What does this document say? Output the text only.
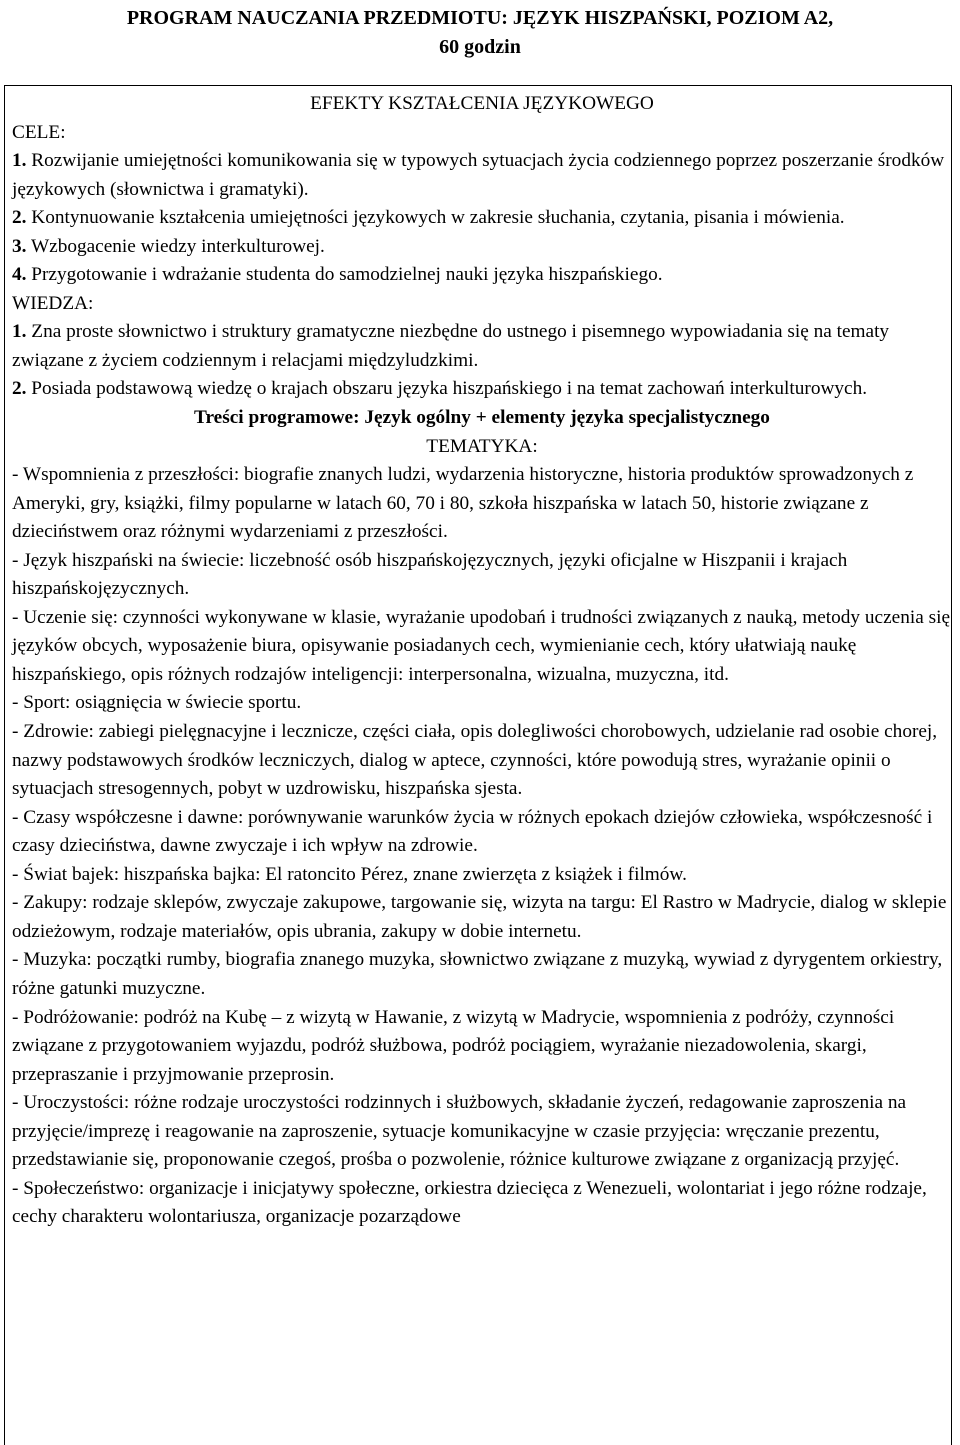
PROGRAM NAUCZANIA PRZEDMIOTU: JĘZYK HISZPAŃSKI, POZIOM A2,
60 godzin

EFEKTY KSZTAŁCENIA JĘZYKOWEGO

CELE:

1. Rozwijanie umiejętności komunikowania się w typowych sytuacjach życia codziennego poprzez poszerzanie środków językowych (słownictwa i gramatyki).

2. Kontynuowanie kształcenia umiejętności językowych w zakresie słuchania, czytania, pisania i mówienia.

3. Wzbogacenie wiedzy interkulturowej.

4. Przygotowanie i wdrażanie studenta do samodzielnej nauki języka hiszpańskiego.

WIEDZA:

1. Zna proste słownictwo i struktury gramatyczne niezbędne do ustnego i pisemnego wypowiadania się na tematy związane z życiem codziennym i relacjami międzyludzkimi.

2. Posiada podstawową wiedzę o krajach obszaru języka hiszpańskiego i na temat zachowań interkulturowych.

Treści programowe: Język ogólny + elementy języka specjalistycznego

TEMATYKA:

- Wspomnienia z przeszłości: biografie znanych ludzi, wydarzenia historyczne, historia produktów sprowadzonych z Ameryki, gry, książki, filmy popularne w latach 60, 70 i 80, szkoła hiszpańska w latach 50, historie związane z dzieciństwem oraz różnymi wydarzeniami z przeszłości.

- Język hiszpański na świecie: liczebność osób hiszpańskojęzycznych, języki oficjalne w Hiszpanii i krajach hiszpańskojęzycznych.

- Uczenie się: czynności wykonywane w klasie, wyrażanie upodobań i trudności związanych z nauką, metody uczenia się języków obcych, wyposażenie biura, opisywanie posiadanych cech, wymienianie cech, który ułatwiają naukę hiszpańskiego, opis różnych rodzajów inteligencji: interpersonalna, wizualna, muzyczna, itd.

- Sport: osiągnięcia w świecie sportu.

- Zdrowie: zabiegi pielęgnacyjne i lecznicze, części ciała, opis dolegliwości chorobowych, udzielanie rad osobie chorej, nazwy podstawowych środków leczniczych, dialog w aptece, czynności, które powodują stres, wyrażanie opinii o sytuacjach stresogennych, pobyt w uzdrowisku, hiszpańska sjesta.

- Czasy współczesne i dawne: porównywanie warunków życia w różnych epokach dziejów człowieka, współczesność i czasy dzieciństwa, dawne zwyczaje i ich wpływ na zdrowie.

- Świat bajek: hiszpańska bajka: El ratoncito Pérez, znane zwierzęta z książek i filmów.

- Zakupy: rodzaje sklepów, zwyczaje zakupowe, targowanie się, wizyta na targu: El Rastro w Madrycie, dialog w sklepie odzieżowym, rodzaje materiałów, opis ubrania, zakupy w dobie internetu.

- Muzyka: początki rumby, biografia znanego muzyka, słownictwo związane z muzyką, wywiad z dyrygentem orkiestry, różne gatunki muzyczne.

- Podróżowanie: podróż na Kubę – z wizytą w Hawanie, z wizytą w Madrycie, wspomnienia z podróży, czynności związane z przygotowaniem wyjazdu, podróż służbowa, podróż pociągiem, wyrażanie niezadowolenia, skargi, przepraszanie i przyjmowanie przeprosin.

- Uroczystości: różne rodzaje uroczystości rodzinnych i służbowych, składanie życzeń, redagowanie zaproszenia na przyjęcie/imprezę i reagowanie na zaproszenie, sytuacje komunikacyjne w czasie przyjęcia: wręczanie prezentu, przedstawianie się, proponowanie czegoś, prośba o pozwolenie, różnice kulturowe związane z organizacją przyjęć.

- Społeczeństwo: organizacje i inicjatywy społeczne, orkiestra dziecięca z Wenezueli, wolontariat i jego różne rodzaje, cechy charakteru wolontariusza, organizacje pozarządowe
